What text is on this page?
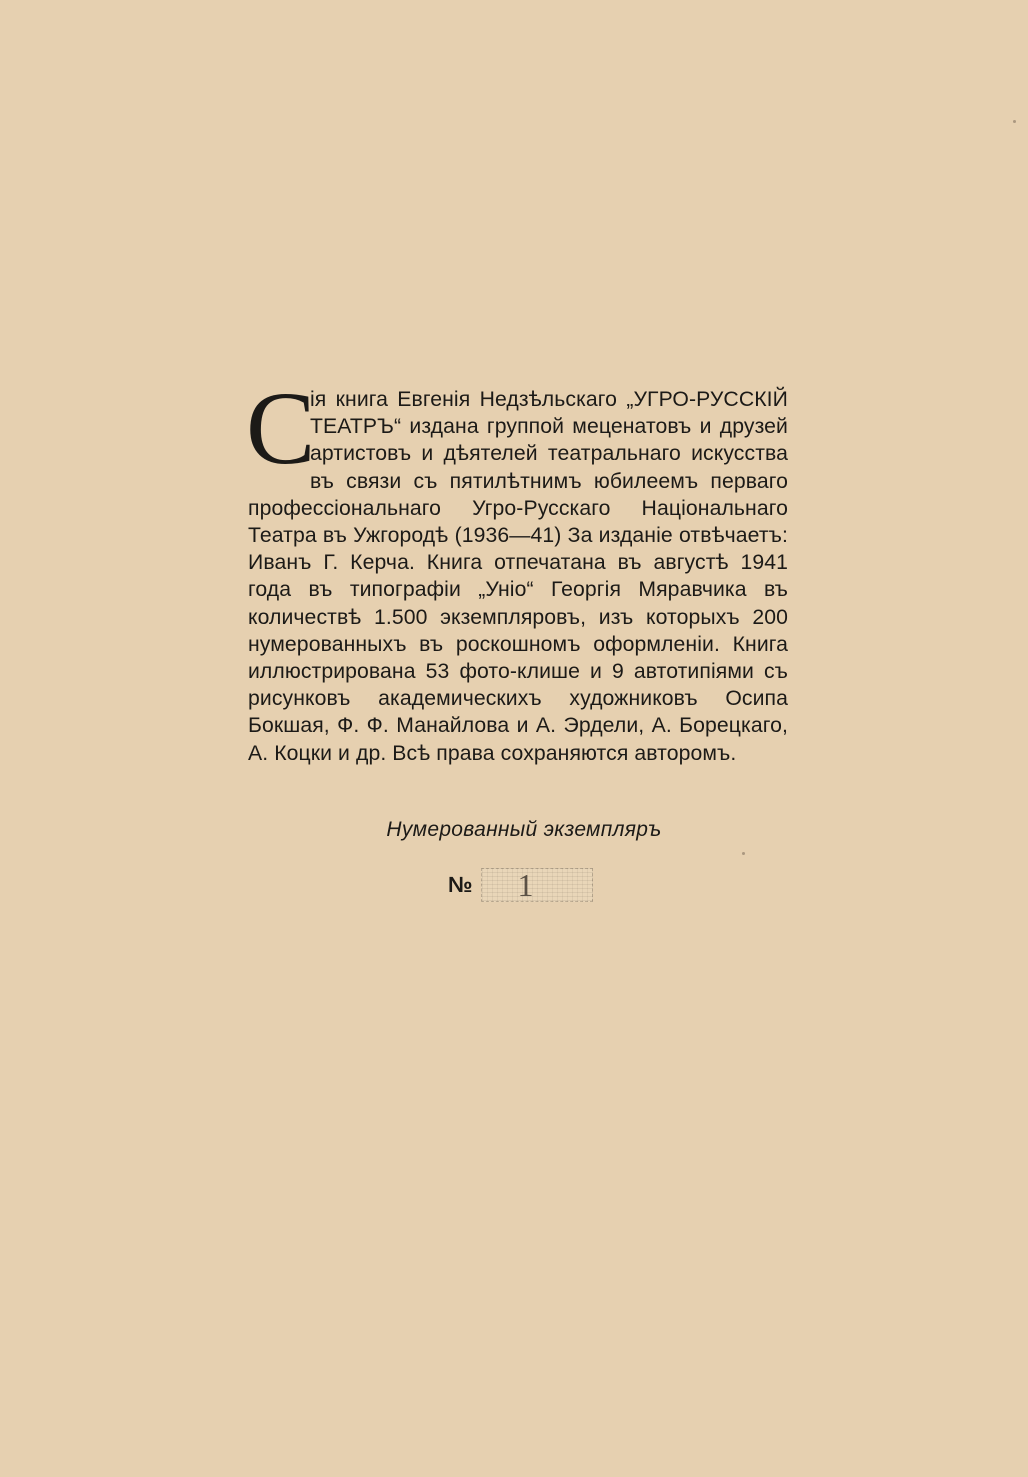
С

ія книга Евгенія Недзѣльскаго „УГРО-РУССКІЙ ТЕАТРЪ“ издана группой меценатовъ и друзей артистовъ и дѣятелей театральнаго искусства въ связи съ пятилѣтнимъ юбилеемъ перваго профессіональнаго Угро-Русскаго Національнаго Театра въ Ужгородѣ (1936—41) За изданіе отвѣчаетъ: Иванъ Г. Керча. Книга отпечатана въ августѣ 1941 года въ типографіи „Уніо“ Георгія Мяравчика въ количествѣ 1.500 экземпляровъ, изъ которыхъ 200 нумерованныхъ въ роскошномъ оформленіи. Книга иллюстрирована 53 фото-клише и 9 автотипіями съ рисунковъ академическихъ художниковъ Осипа Бокшая, Ф. Ф. Манайлова и А. Эрдели, А. Борецкаго, А. Коцки и др. Всѣ права сохраняются авторомъ.

Нумерованный экземпляръ
№ 1
